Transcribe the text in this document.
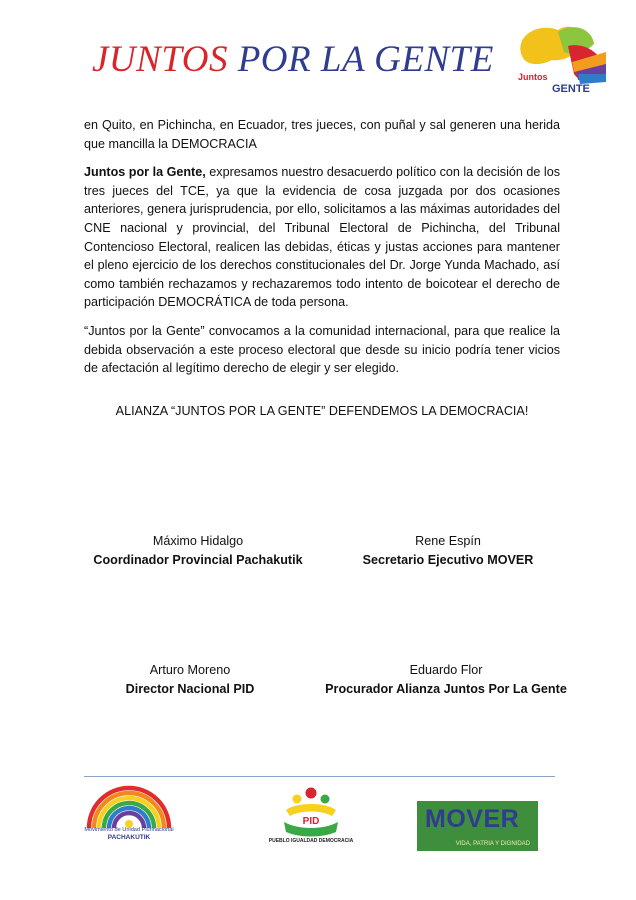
JUNTOS POR LA GENTE	Juntos
GENTE

en Quito, en Pichincha, en Ecuador, tres jueces, con puñal y sal generen una herida que mancilla la DEMOCRACIA

Juntos por la Gente, expresamos nuestro desacuerdo político con la decisión de los tres jueces del TCE, ya que la evidencia de cosa juzgada por dos ocasiones anteriores, genera jurisprudencia, por ello, solicitamos a las máximas autoridades del CNE nacional y provincial, del Tribunal Electoral de Pichincha, del Tribunal Contencioso Electoral, realicen las debidas, éticas y justas acciones para mantener el pleno ejercicio de los derechos constitucionales del Dr. Jorge Yunda Machado, así como también rechazamos y rechazaremos todo intento de boicotear el derecho de participación DEMOCRÁTICA de toda persona.

“Juntos por la Gente” convocamos a la comunidad internacional, para que realice la debida observación a este proceso electoral que desde su inicio podría tener vicios de afectación al legítimo derecho de elegir y ser elegido.

ALIANZA “JUNTOS POR LA GENTE” DEFENDEMOS LA DEMOCRACIA!
Máximo Hidalgo
Coordinador Provincial Pachakutik
Rene Espín
Secretario Ejecutivo MOVER
Arturo Moreno
Director Nacional PID
Eduardo Flor
Procurador Alianza Juntos Por La Gente
Movimiento de Unidad Plurinacional
PACHAKUTIK
PID
PUEBLO IGUALDAD DEMOCRACIA
MOVER
VIDA, PATRIA Y DIGNIDAD
